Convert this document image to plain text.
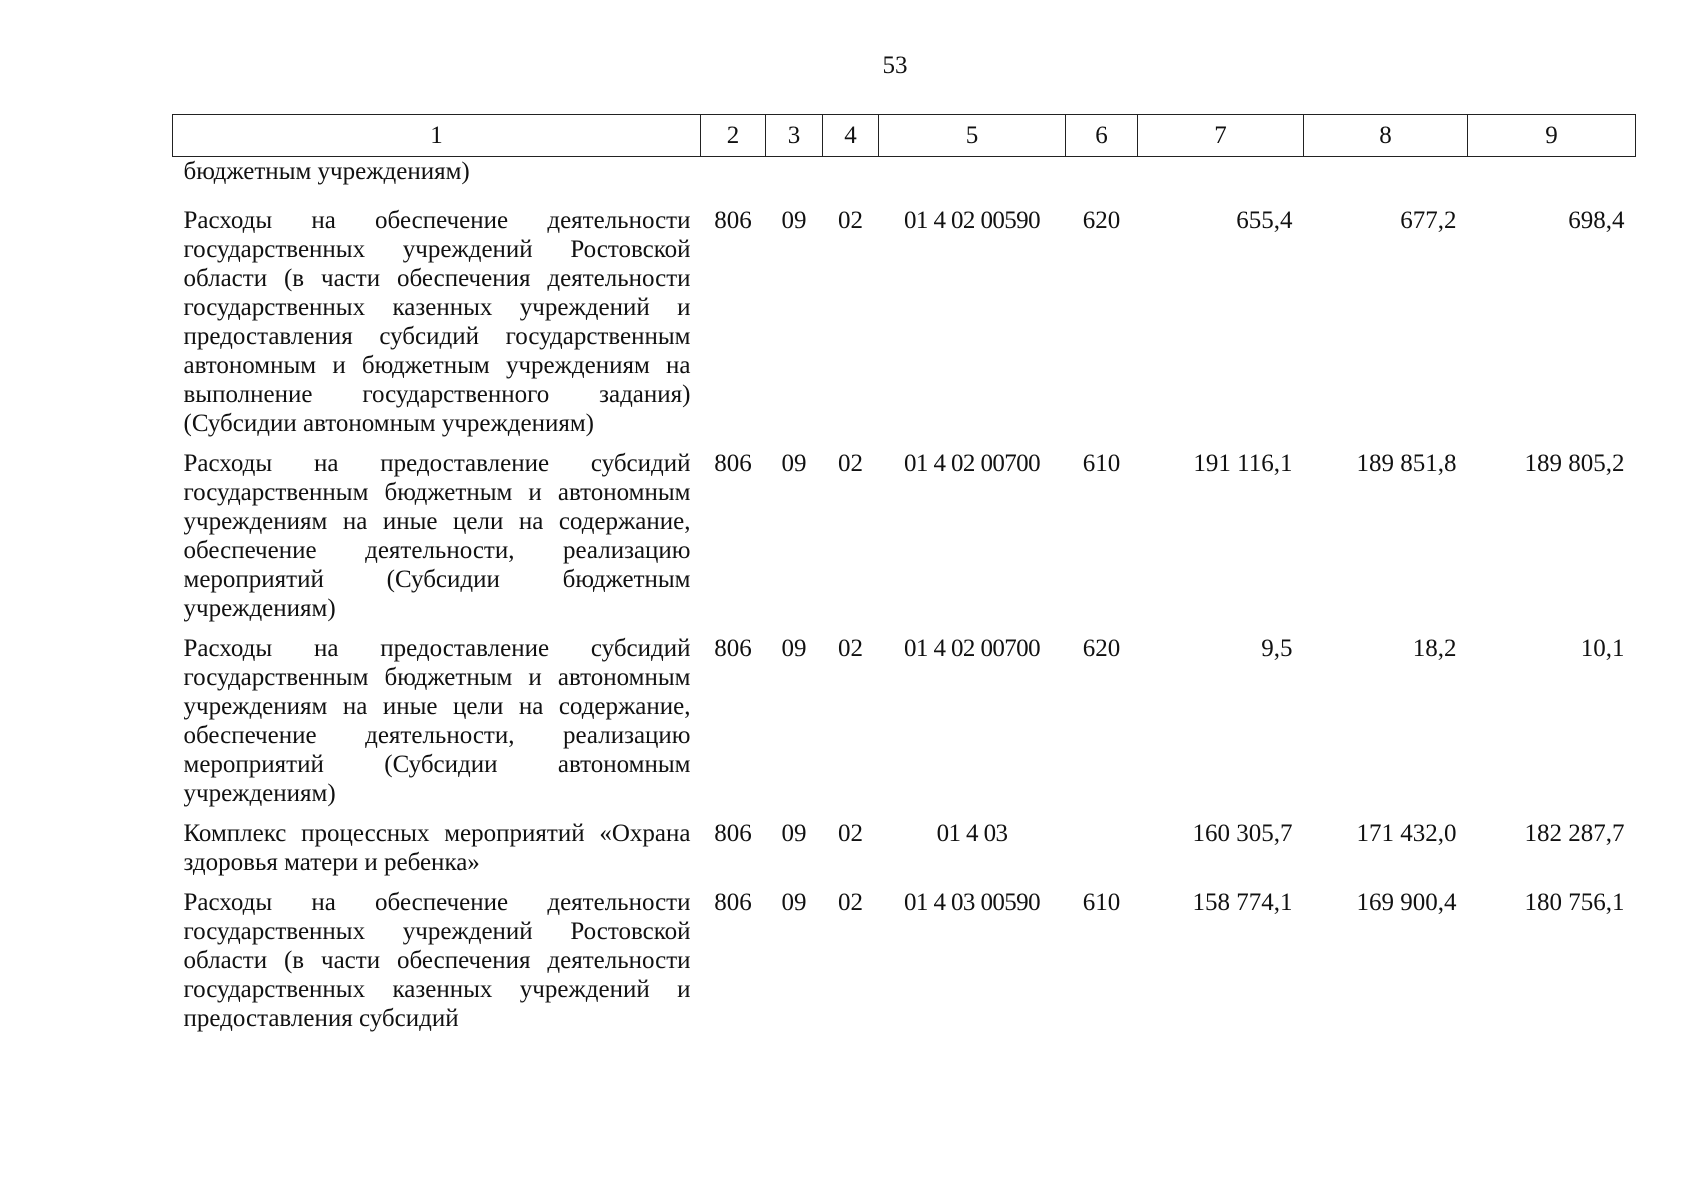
53
1	2	3	4	5	6	7	8	9
бюджетным учреждениям)								
Расходы на обеспечение деятельности государственных учреждений Ростовской области (в части обеспечения деятельности государственных казенных учреждений и предоставления субсидий государственным автономным и бюджетным учреждениям на выполнение государственного задания) (Субсидии автономным учреждениям)	806	09	02	01 4 02 00590	620	655,4	677,2	698,4
Расходы на предоставление субсидий государственным бюджетным и автономным учреждениям на иные цели на содержание, обеспечение деятельности, реализацию мероприятий (Субсидии бюджетным учреждениям)	806	09	02	01 4 02 00700	610	191 116,1	189 851,8	189 805,2
Расходы на предоставление субсидий государственным бюджетным и автономным учреждениям на иные цели на содержание, обеспечение деятельности, реализацию мероприятий (Субсидии автономным учреждениям)	806	09	02	01 4 02 00700	620	9,5	18,2	10,1
Комплекс процессных мероприятий «Охрана здоровья матери и ребенка»	806	09	02	01 4 03		160 305,7	171 432,0	182 287,7
Расходы на обеспечение деятельности государственных учреждений Ростовской области (в части обеспечения деятельности государственных казенных учреждений и предоставления субсидий	806	09	02	01 4 03 00590	610	158 774,1	169 900,4	180 756,1
